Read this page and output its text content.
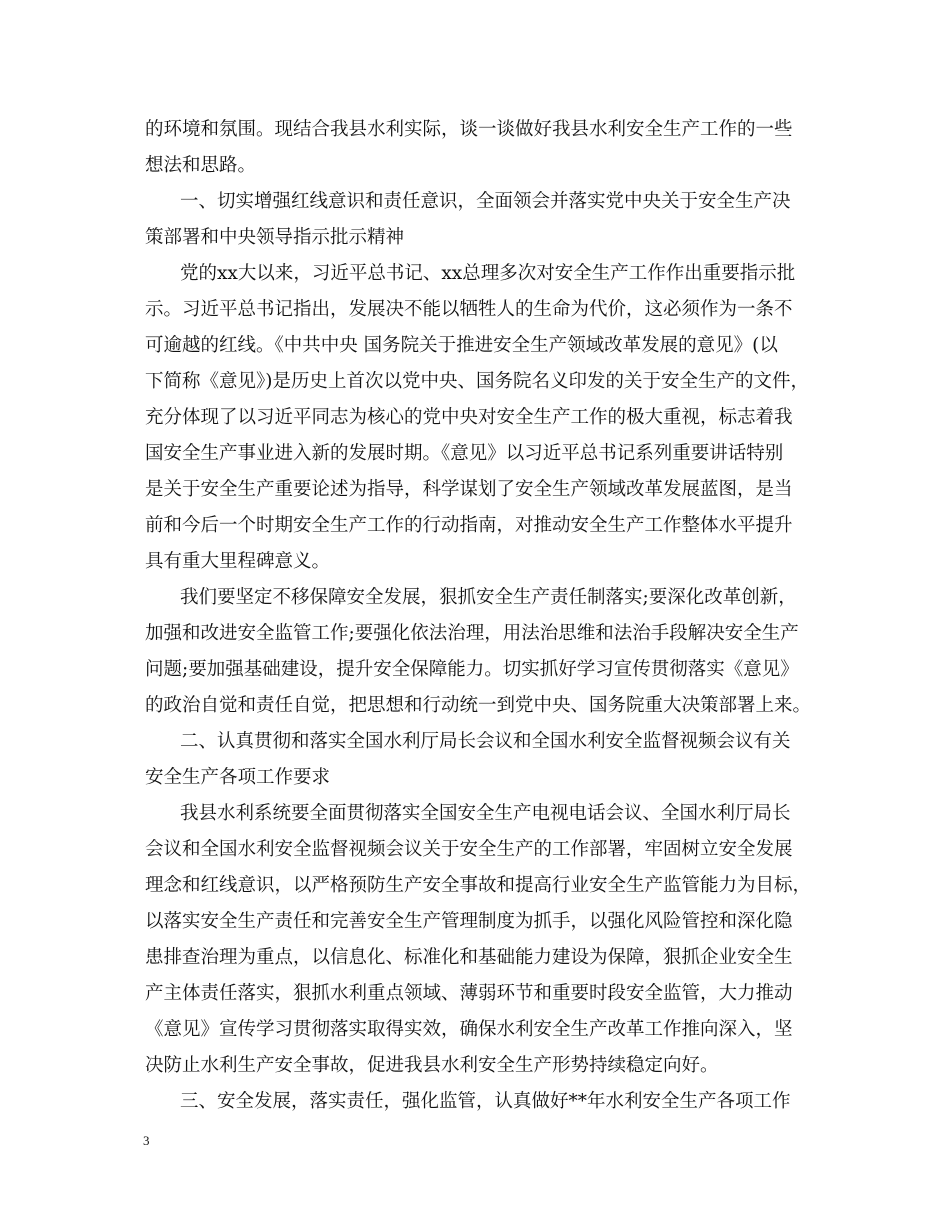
的环境和氛围。现结合我县水利实际，谈一谈做好我县水利安全生产工作的一些

想法和思路。

一、切实增强红线意识和责任意识，全面领会并落实党中央关于安全生产决

策部署和中央领导指示批示精神

党的xx大以来，习近平总书记、xx总理多次对安全生产工作作出重要指示批

示。习近平总书记指出，发展决不能以牺牲人的生命为代价，这必须作为一条不

可逾越的红线。《中共中央 国务院关于推进安全生产领域改革发展的意见》(以

下简称《意见》)是历史上首次以党中央、国务院名义印发的关于安全生产的文件，

充分体现了以习近平同志为核心的党中央对安全生产工作的极大重视，标志着我

国安全生产事业进入新的发展时期。《意见》以习近平总书记系列重要讲话特别

是关于安全生产重要论述为指导，科学谋划了安全生产领域改革发展蓝图，是当

前和今后一个时期安全生产工作的行动指南，对推动安全生产工作整体水平提升

具有重大里程碑意义。

我们要坚定不移保障安全发展，狠抓安全生产责任制落实;要深化改革创新，

加强和改进安全监管工作;要强化依法治理，用法治思维和法治手段解决安全生产

问题;要加强基础建设，提升安全保障能力。切实抓好学习宣传贯彻落实《意见》

的政治自觉和责任自觉，把思想和行动统一到党中央、国务院重大决策部署上来。

二、认真贯彻和落实全国水利厅局长会议和全国水利安全监督视频会议有关

安全生产各项工作要求

我县水利系统要全面贯彻落实全国安全生产电视电话会议、全国水利厅局长

会议和全国水利安全监督视频会议关于安全生产的工作部署，牢固树立安全发展

理念和红线意识，以严格预防生产安全事故和提高行业安全生产监管能力为目标，

以落实安全生产责任和完善安全生产管理制度为抓手，以强化风险管控和深化隐

患排查治理为重点，以信息化、标准化和基础能力建设为保障，狠抓企业安全生

产主体责任落实，狠抓水利重点领域、薄弱环节和重要时段安全监管，大力推动

《意见》宣传学习贯彻落实取得实效，确保水利安全生产改革工作推向深入，坚

决防止水利生产安全事故，促进我县水利安全生产形势持续稳定向好。

三、安全发展，落实责任，强化监管，认真做好**年水利安全生产各项工作

3
